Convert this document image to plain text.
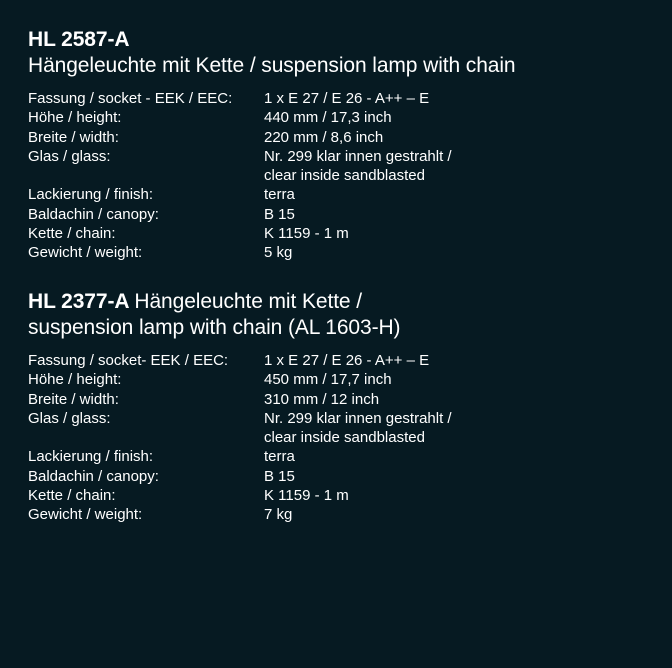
HL 2587-A
Hängeleuchte mit Kette / suspension lamp with chain
Fassung / socket - EEK / EEC:	1 x E 27 / E 26 - A++ – E
Höhe / height:	440 mm / 17,3 inch
Breite / width:	220 mm / 8,6 inch
Glas / glass:	Nr. 299 klar innen gestrahlt /
clear inside sandblasted
Lackierung / finish:	terra
Baldachin / canopy:	B 15
Kette / chain:	K 1159 - 1 m
Gewicht / weight:	5 kg
HL 2377-A Hängeleuchte mit Kette /
suspension lamp with chain (AL 1603-H)
Fassung / socket- EEK / EEC:	1 x E 27 / E 26 - A++ – E
Höhe / height:	450 mm / 17,7 inch
Breite / width:	310 mm / 12 inch
Glas / glass:	Nr. 299 klar innen gestrahlt /
clear inside sandblasted
Lackierung / finish:	terra
Baldachin / canopy:	B 15
Kette / chain:	K 1159 - 1 m
Gewicht / weight:	7 kg
